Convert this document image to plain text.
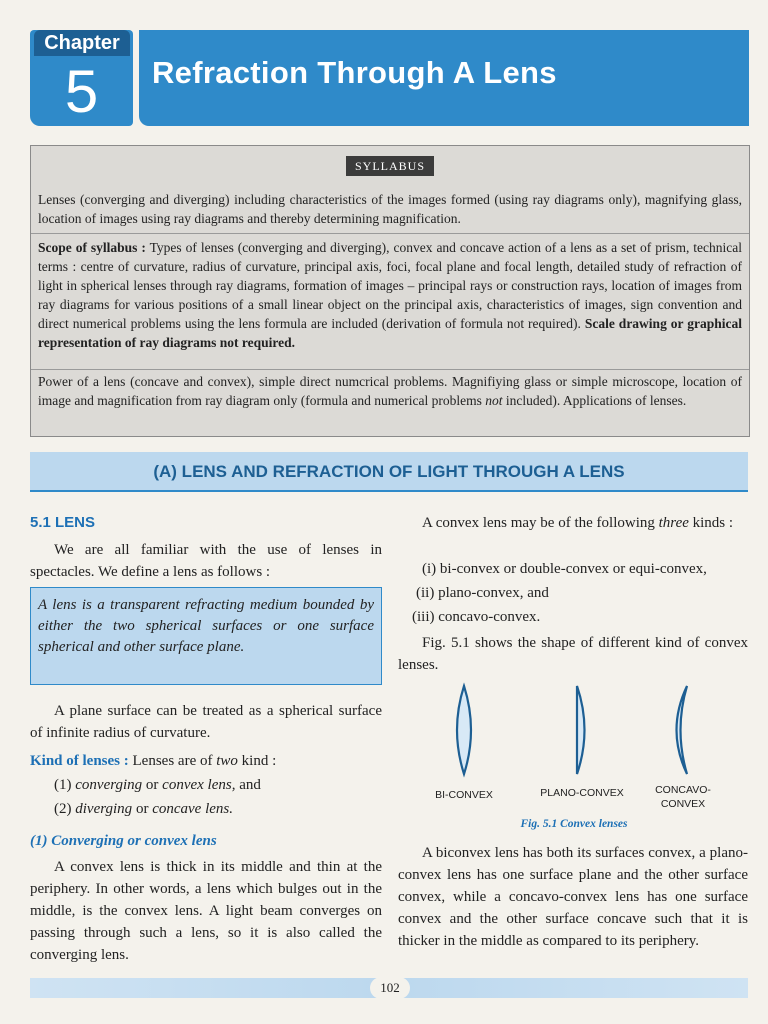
Chapter
5	Refraction Through A Lens
SYLLABUS
Lenses (converging and diverging) including characteristics of the images formed (using ray diagrams only), magnifying glass, location of images using ray diagrams and thereby determining magnification.
Scope of syllabus : Types of lenses (converging and diverging), convex and concave action of a lens as a set of prism, technical terms : centre of curvature, radius of curvature, principal axis, foci, focal plane and focal length, detailed study of refraction of light in spherical lenses through ray diagrams, formation of images – principal rays or construction rays, location of images from ray diagrams for various positions of a small linear object on the principal axis, characteristics of images, sign convention and direct numerical problems using the lens formula are included (derivation of formula not required). Scale drawing or graphical representation of ray diagrams not required.
Power of a lens (concave and convex), simple direct numcrical problems. Magnifiying glass or simple microscope, location of image and magnification from ray diagram only (formula and numerical problems not included). Applications of lenses.
(A) LENS AND REFRACTION OF LIGHT THROUGH A LENS
5.1 LENS
We are all familiar with the use of lenses in spectacles. We define a lens as follows :
A lens is a transparent refracting medium bounded by either the two spherical surfaces or one surface spherical and other surface plane.
A plane surface can be treated as a spherical surface of infinite radius of curvature.
Kind of lenses : Lenses are of two kind :
(1) converging or convex lens, and
(2) diverging or concave lens.
(1) Converging or convex lens
A convex lens is thick in its middle and thin at the periphery. In other words, a lens which bulges out in the middle, is the convex lens. A light beam converges on passing through such a lens, so it is also called the converging lens.
A convex lens may be of the following three kinds :
(i) bi-convex or double-convex or equi-convex,
(ii) plano-convex, and
(iii) concavo-convex.
Fig. 5.1 shows the shape of different kind of convex lenses.
BI-CONVEX	PLANO-CONVEX	CONCAVO-
CONVEX
Fig. 5.1 Convex lenses
A biconvex lens has both its surfaces convex, a plano-convex lens has one surface plane and the other surface convex, while a concavo-convex lens has one surface convex and the other surface concave such that it is thicker in the middle as compared to its periphery.
102
